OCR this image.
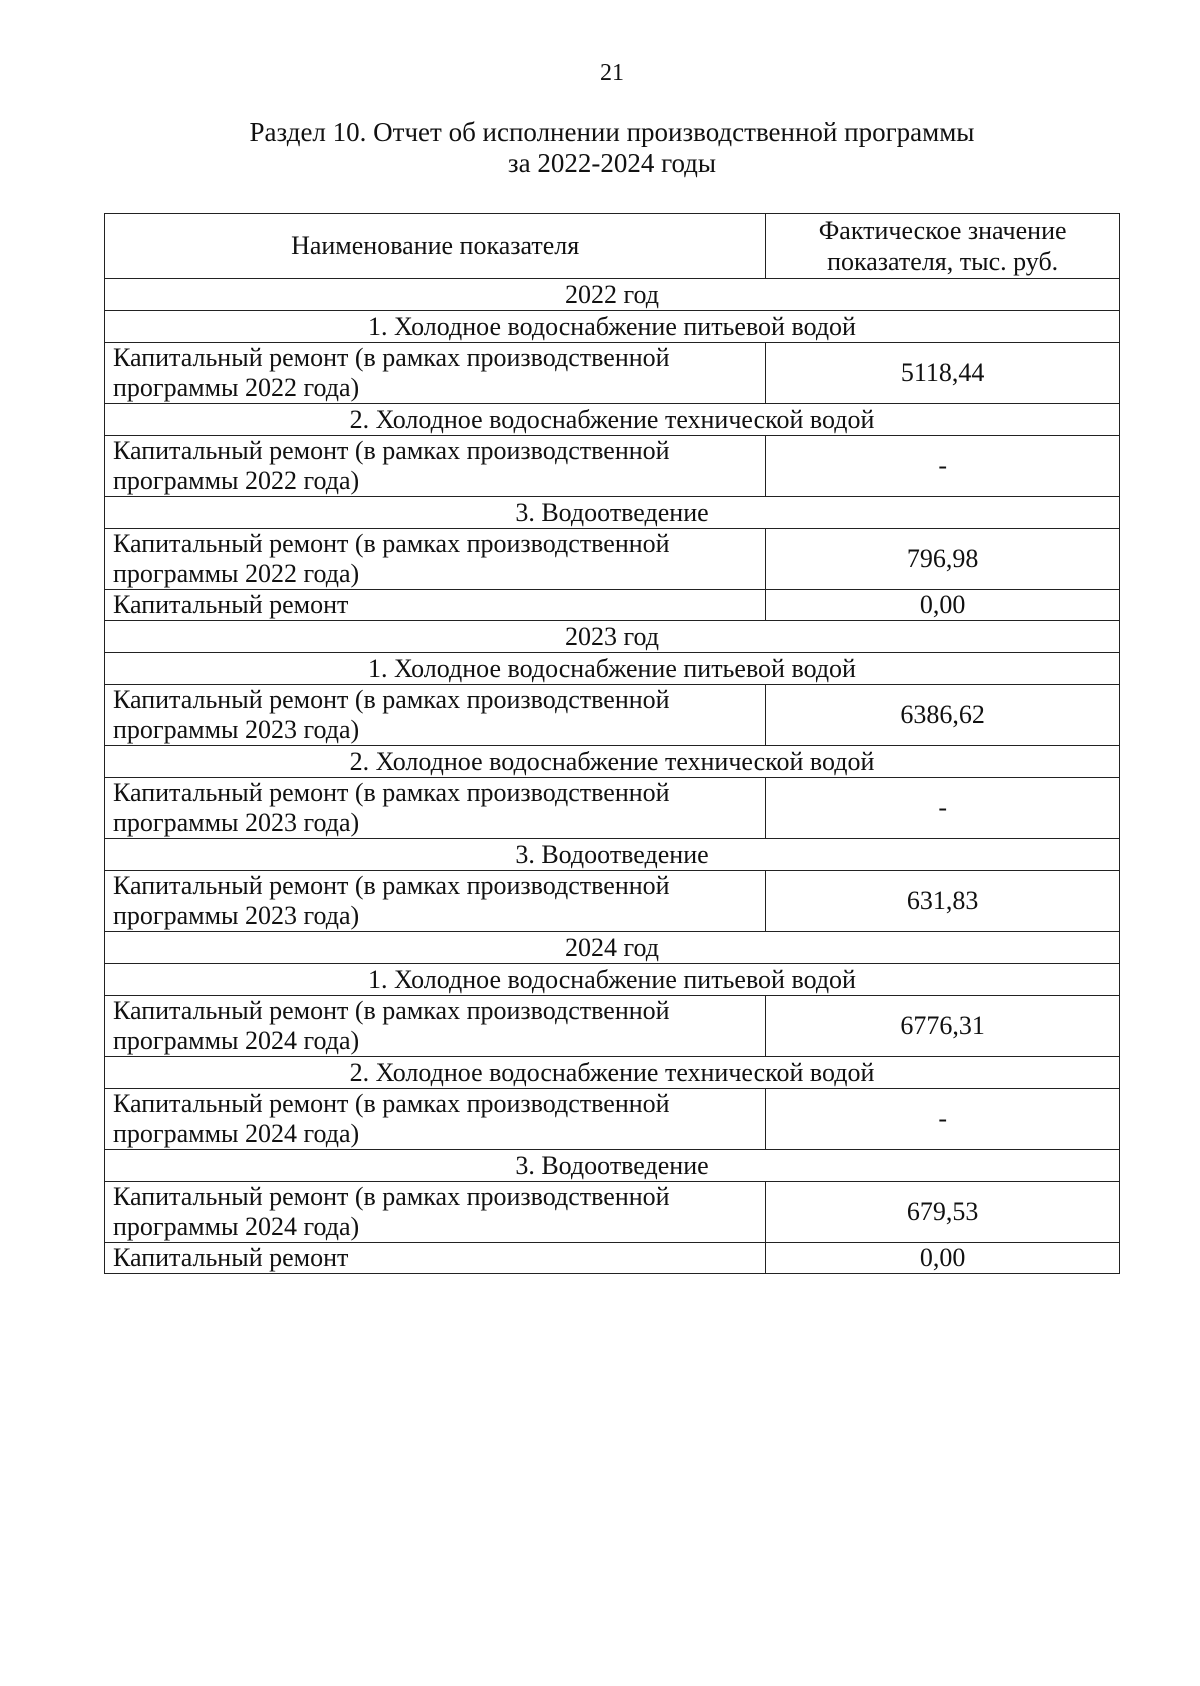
21
Раздел 10. Отчет об исполнении производственной программы
за 2022-2024 годы
Наименование показателя	Фактическое значение
показателя, тыс. руб.

2022 год	
1. Холодное водоснабжение питьевой водой	

Капитальный ремонт (в рамках производственной
программы 2022 года)	5118,44
2. Холодное водоснабжение технической водой	

Капитальный ремонт (в рамках производственной
программы 2022 года)	-
3. Водоотведение	

Капитальный ремонт (в рамках производственной
программы 2022 года)	796,98

Капитальный ремонт	0,00
2023 год	
1. Холодное водоснабжение питьевой водой	

Капитальный ремонт (в рамках производственной
программы 2023 года)	6386,62
2. Холодное водоснабжение технической водой	

Капитальный ремонт (в рамках производственной
программы 2023 года)	-
3. Водоотведение	

Капитальный ремонт (в рамках производственной
программы 2023 года)	631,83
2024 год	
1. Холодное водоснабжение питьевой водой	

Капитальный ремонт (в рамках производственной
программы 2024 года)	6776,31
2. Холодное водоснабжение технической водой	

Капитальный ремонт (в рамках производственной
программы 2024 года)	-
3. Водоотведение	

Капитальный ремонт (в рамках производственной
программы 2024 года)	679,53

Капитальный ремонт	0,00
